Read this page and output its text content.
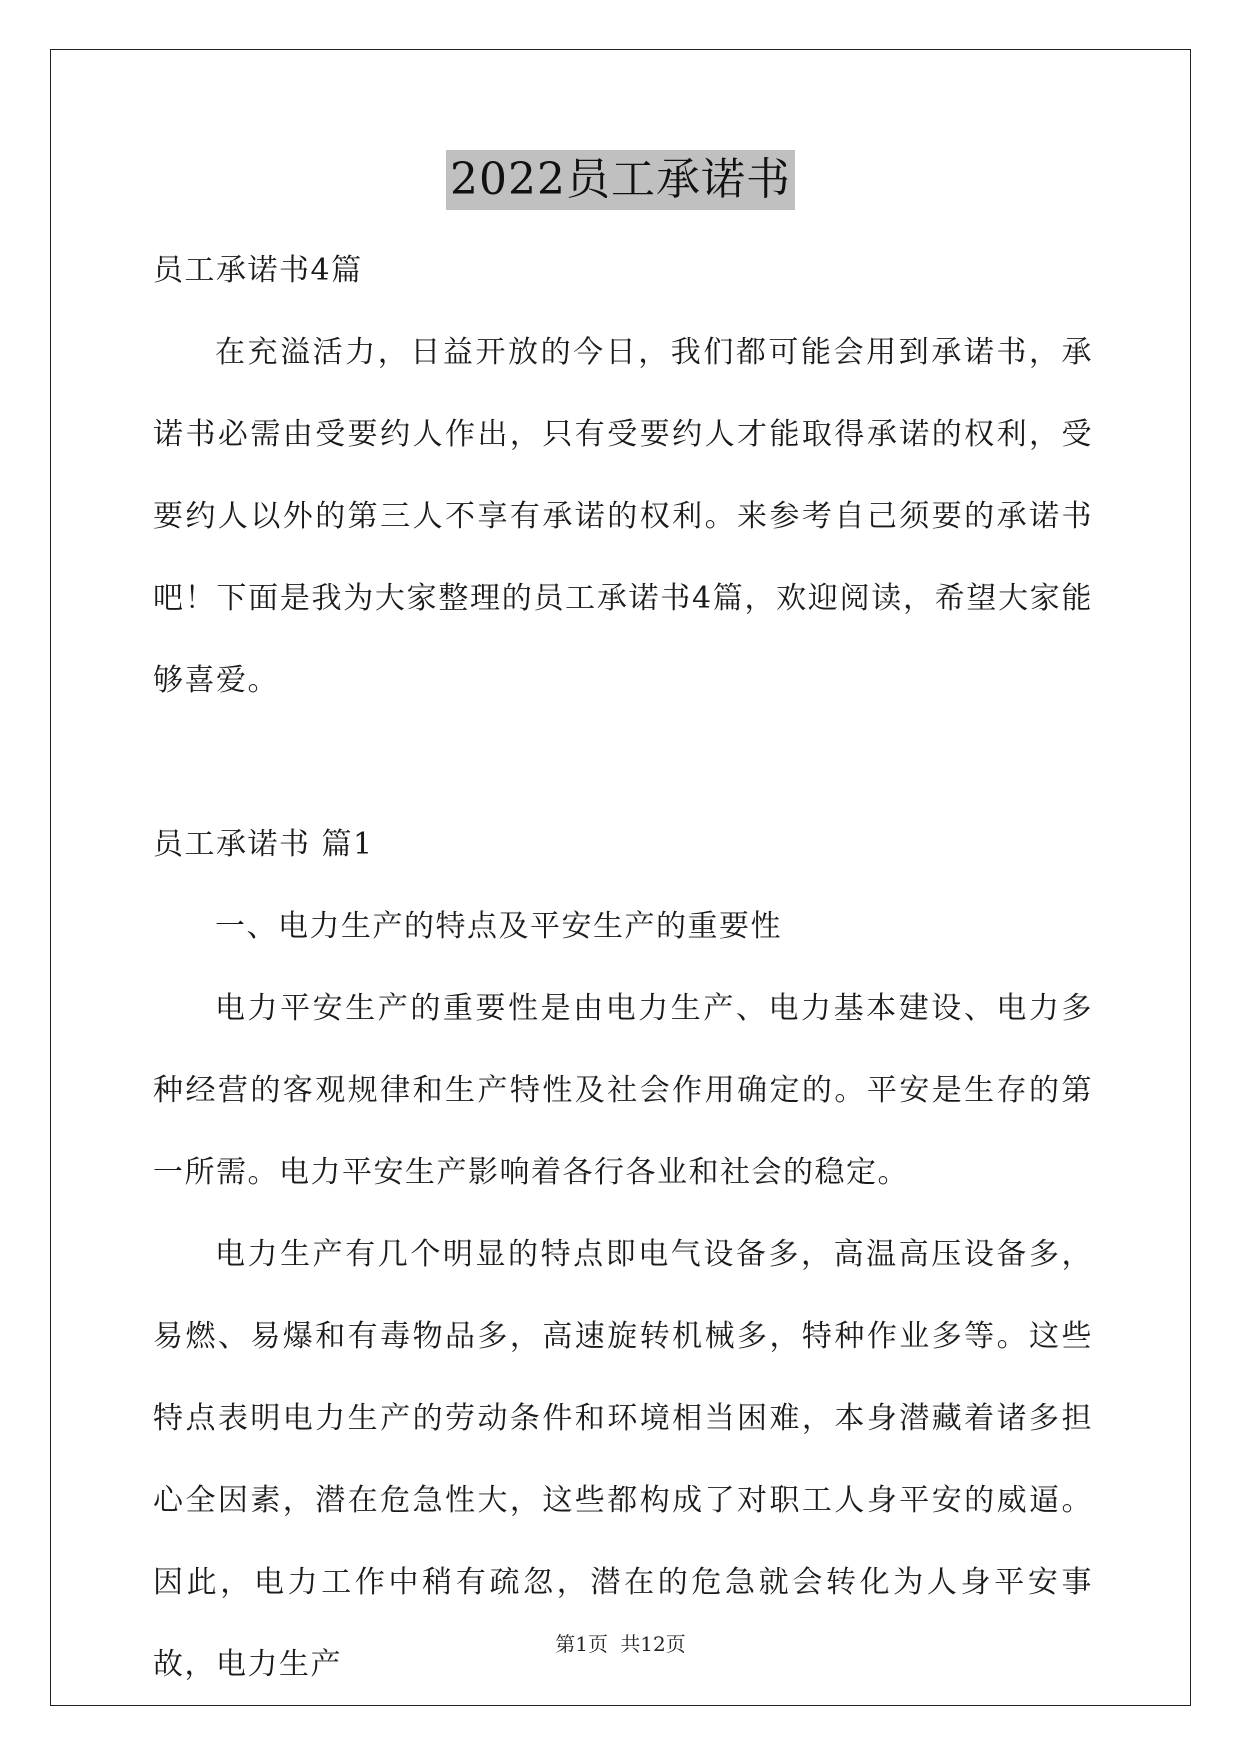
2022员工承诺书

员工承诺书4篇

在充溢活力，日益开放的今日，我们都可能会用到承诺书，承诺书必需由受要约人作出，只有受要约人才能取得承诺的权利，受要约人以外的第三人不享有承诺的权利。来参考自己须要的承诺书吧！下面是我为大家整理的员工承诺书4篇，欢迎阅读，希望大家能够喜爱。

员工承诺书 篇1

一、电力生产的特点及平安生产的重要性

电力平安生产的重要性是由电力生产、电力基本建设、电力多种经营的客观规律和生产特性及社会作用确定的。平安是生存的第一所需。电力平安生产影响着各行各业和社会的稳定。

电力生产有几个明显的特点即电气设备多，高温高压设备多，易燃、易爆和有毒物品多，高速旋转机械多，特种作业多等。这些特点表明电力生产的劳动条件和环境相当困难，本身潜藏着诸多担心全因素，潜在危急性大，这些都构成了对职工人身平安的威逼。因此，电力工作中稍有疏忽，潜在的危急就会转化为人身平安事故，电力生产

第1页 共12页
